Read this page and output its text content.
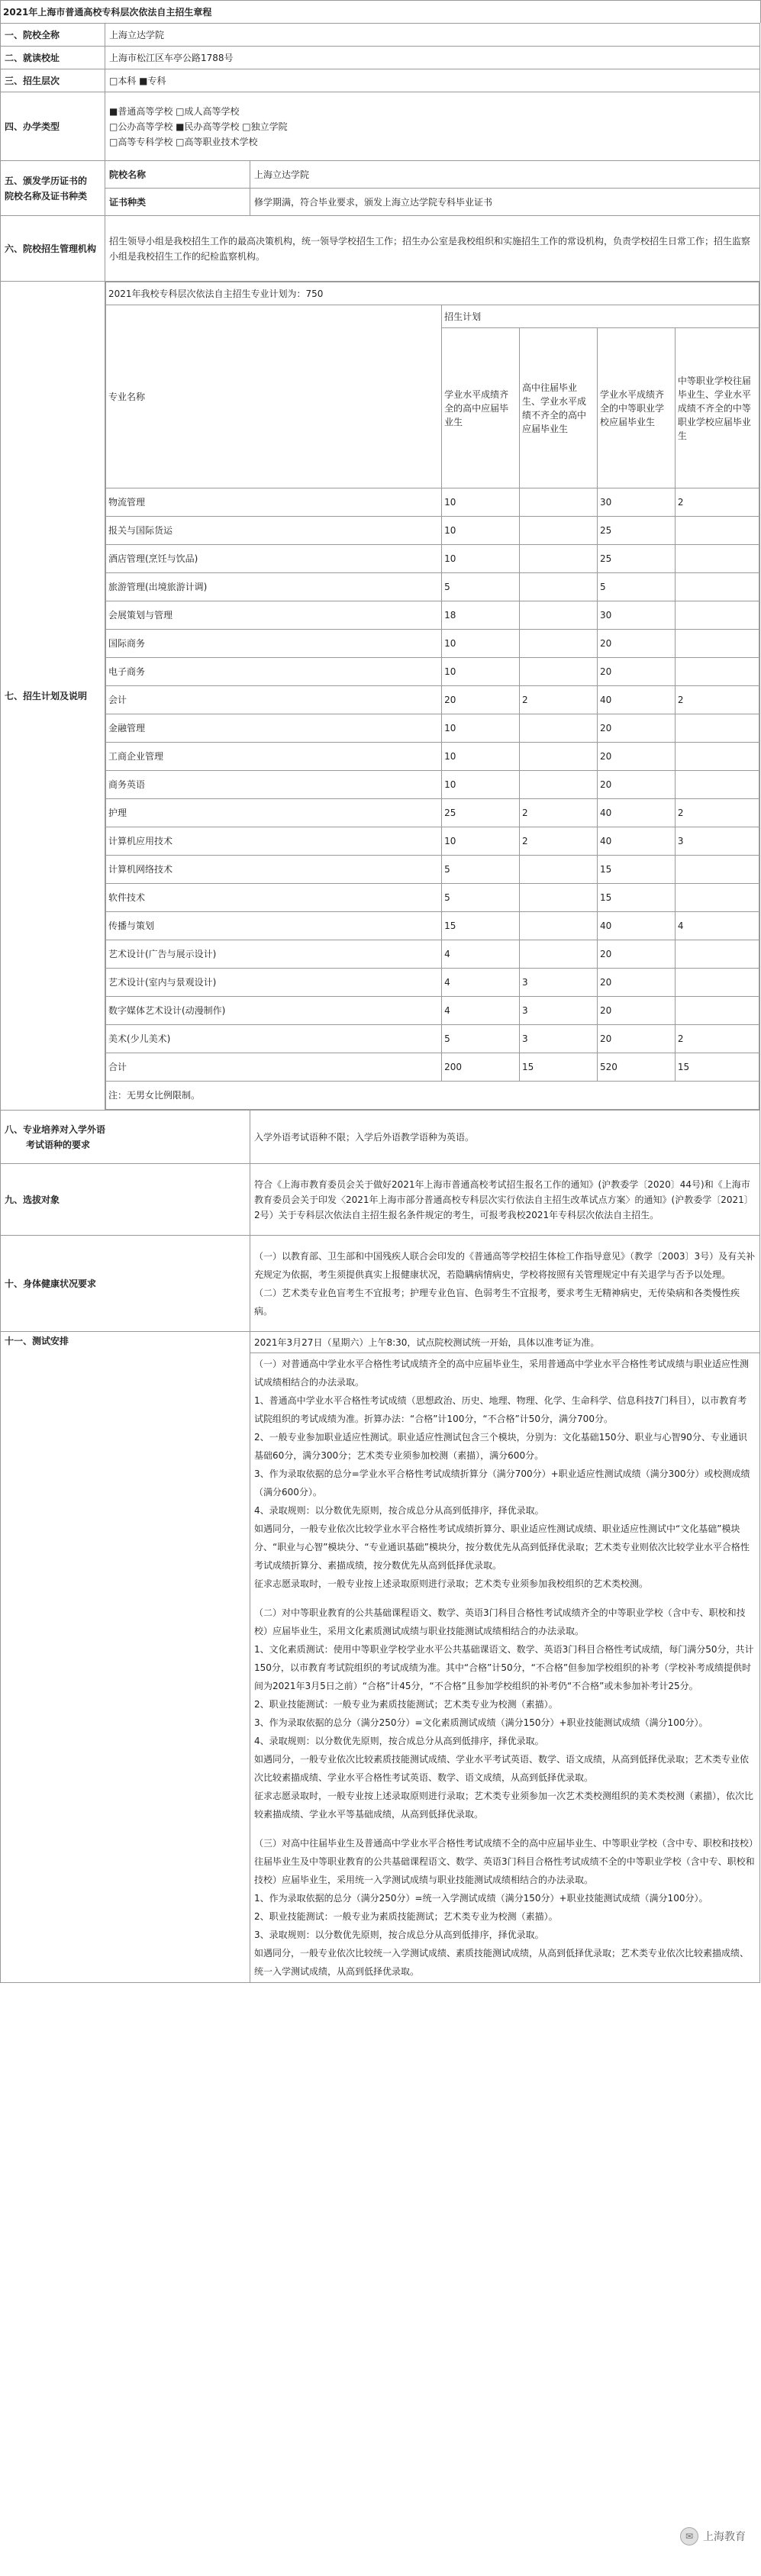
2021年上海市普通高校专科层次依法自主招生章程
一、院校全称	上海立达学院
二、就读校址	上海市松江区车亭公路1788号
三、招生层次	□本科 ■专科
四、办学类型	
■普通高等学校 □成人高等学校
□公办高等学校 ■民办高等学校 □独立学院
□高等专科学校 □高等职业技术学校

五、颁发学历证书的
院校名称及证书种类
	院校名称	上海立达学院
证书种类	修学期满，符合毕业要求，颁发上海立达学院专科毕业证书
六、院校招生管理机构	招生领导小组是我校招生工作的最高决策机构，统一领导学校招生工作；招生办公室是我校组织和实施招生工作的常设机构，负责学校招生日常工作；招生监察小组是我校招生工作的纪检监察机构。
七、招生计划及说明	
2021年我校专科层次依法自主招生专业计划为：750
专业名称	招生计划
学业水平成绩齐全的高中应届毕业生	高中往届毕业生、学业水平成绩不齐全的高中应届毕业生	学业水平成绩齐全的中等职业学校应届毕业生	中等职业学校往届毕业生、学业水平成绩不齐全的中等职业学校应届毕业生
物流管理	10		30	2
报关与国际货运	10		25	
酒店管理(烹饪与饮品)	10		25	
旅游管理(出境旅游计调)	5		5	
会展策划与管理	18		30	
国际商务	10		20	
电子商务	10		20	
会计	20	2	40	2
金融管理	10		20	
工商企业管理	10		20	
商务英语	10		20	
护理	25	2	40	2
计算机应用技术	10	2	40	3
计算机网络技术	5		15	
软件技术	5		15	
传播与策划	15		40	4
艺术设计(广告与展示设计)	4		20	
艺术设计(室内与景观设计)	4	3	20	
数字媒体艺术设计(动漫制作)	4	3	20	
美术(少儿美术)	5	3	20	2
合计	200	15	520	15
注：无男女比例限制。

八、专业培养对入学外语
考试语种的要求
	入学外语考试语种不限；入学后外语教学语种为英语。
九、选拔对象	符合《上海市教育委员会关于做好2021年上海市普通高校考试招生报名工作的通知》(沪教委学〔2020〕44号)和《上海市教育委员会关于印发〈2021年上海市部分普通高校专科层次实行依法自主招生改革试点方案〉的通知》(沪教委学〔2021〕2号）关于专科层次依法自主招生报名条件规定的考生，可报考我校2021年专科层次依法自主招生。
十、身体健康状况要求	

（一）以教育部、卫生部和中国残疾人联合会印发的《普通高等学校招生体检工作指导意见》（教学〔2003〕3号）及有关补充规定为依据，考生须提供真实上报健康状况，若隐瞒病情病史，学校将按照有关管理规定中有关退学与否予以处理。

（二）艺术类专业色盲考生不宜报考；护理专业色盲、色弱考生不宜报考，要求考生无精神病史，无传染病和各类慢性疾病。

十一、测试安排	2021年3月27日（星期六）上午8:30，试点院校测试统一开始，具体以准考证为准。

（一）对普通高中学业水平合格性考试成绩齐全的高中应届毕业生，采用普通高中学业水平合格性考试成绩与职业适应性测试成绩相结合的办法录取。

1、普通高中学业水平合格性考试成绩（思想政治、历史、地理、物理、化学、生命科学、信息科技7门科目），以市教育考试院组织的考试成绩为准。折算办法：“合格”计100分，“不合格”计50分，满分700分。

2、一般专业参加职业适应性测试。职业适应性测试包含三个模块，分别为：文化基础150分、职业与心智90分、专业通识基础60分，满分300分；艺术类专业须参加校测（素描），满分600分。

3、作为录取依据的总分=学业水平合格性考试成绩折算分（满分700分）+职业适应性测试成绩（满分300分）或校测成绩（满分600分）。

4、录取规则：以分数优先原则，按合成总分从高到低排序，择优录取。

如遇同分，一般专业依次比较学业水平合格性考试成绩折算分、职业适应性测试成绩、职业适应性测试中“文化基础”模块分、“职业与心智”模块分、“专业通识基础”模块分，按分数优先从高到低择优录取；艺术类专业则依次比较学业水平合格性考试成绩折算分、素描成绩，按分数优先从高到低择优录取。

征求志愿录取时，一般专业按上述录取原则进行录取；艺术类专业须参加我校组织的艺术类校测。

（二）对中等职业教育的公共基础课程语文、数学、英语3门科目合格性考试成绩齐全的中等职业学校（含中专、职校和技校）应届毕业生，采用文化素质测试成绩与职业技能测试成绩相结合的办法录取。

1、文化素质测试：使用中等职业学校学业水平公共基础课语文、数学、英语3门科目合格性考试成绩，每门满分50分，共计150分，以市教育考试院组织的考试成绩为准。其中“合格”计50分，“不合格”但参加学校组织的补考（学校补考成绩提供时间为2021年3月5日之前）“合格”计45分，“不合格”且参加学校组织的补考仍“不合格”或未参加补考计25分。

2、职业技能测试：一般专业为素质技能测试；艺术类专业为校测（素描）。

3、作为录取依据的总分（满分250分）=文化素质测试成绩（满分150分）+职业技能测试成绩（满分100分）。

4、录取规则：以分数优先原则，按合成总分从高到低排序，择优录取。

如遇同分，一般专业依次比较素质技能测试成绩、学业水平考试英语、数学、语文成绩，从高到低择优录取；艺术类专业依次比较素描成绩、学业水平合格性考试英语、数学、语文成绩，从高到低择优录取。

征求志愿录取时，一般专业按上述录取原则进行录取；艺术类专业须参加一次艺术类校测组织的美术类校测（素描），依次比较素描成绩、学业水平等基础成绩，从高到低择优录取。

（三）对高中往届毕业生及普通高中学业水平合格性考试成绩不全的高中应届毕业生、中等职业学校（含中专、职校和技校）往届毕业生及中等职业教育的公共基础课程语文、数学、英语3门科目合格性考试成绩不全的中等职业学校（含中专、职校和技校）应届毕业生，采用统一入学测试成绩与职业技能测试成绩相结合的办法录取。

1、作为录取依据的总分（满分250分）=统一入学测试成绩（满分150分）+职业技能测试成绩（满分100分）。

2、职业技能测试：一般专业为素质技能测试；艺术类专业为校测（素描）。

3、录取规则：以分数优先原则，按合成总分从高到低排序，择优录取。

如遇同分，一般专业依次比较统一入学测试成绩、素质技能测试成绩，从高到低择优录取；艺术类专业依次比较素描成绩、统一入学测试成绩，从高到低择优录取。

✉ 上海教育
